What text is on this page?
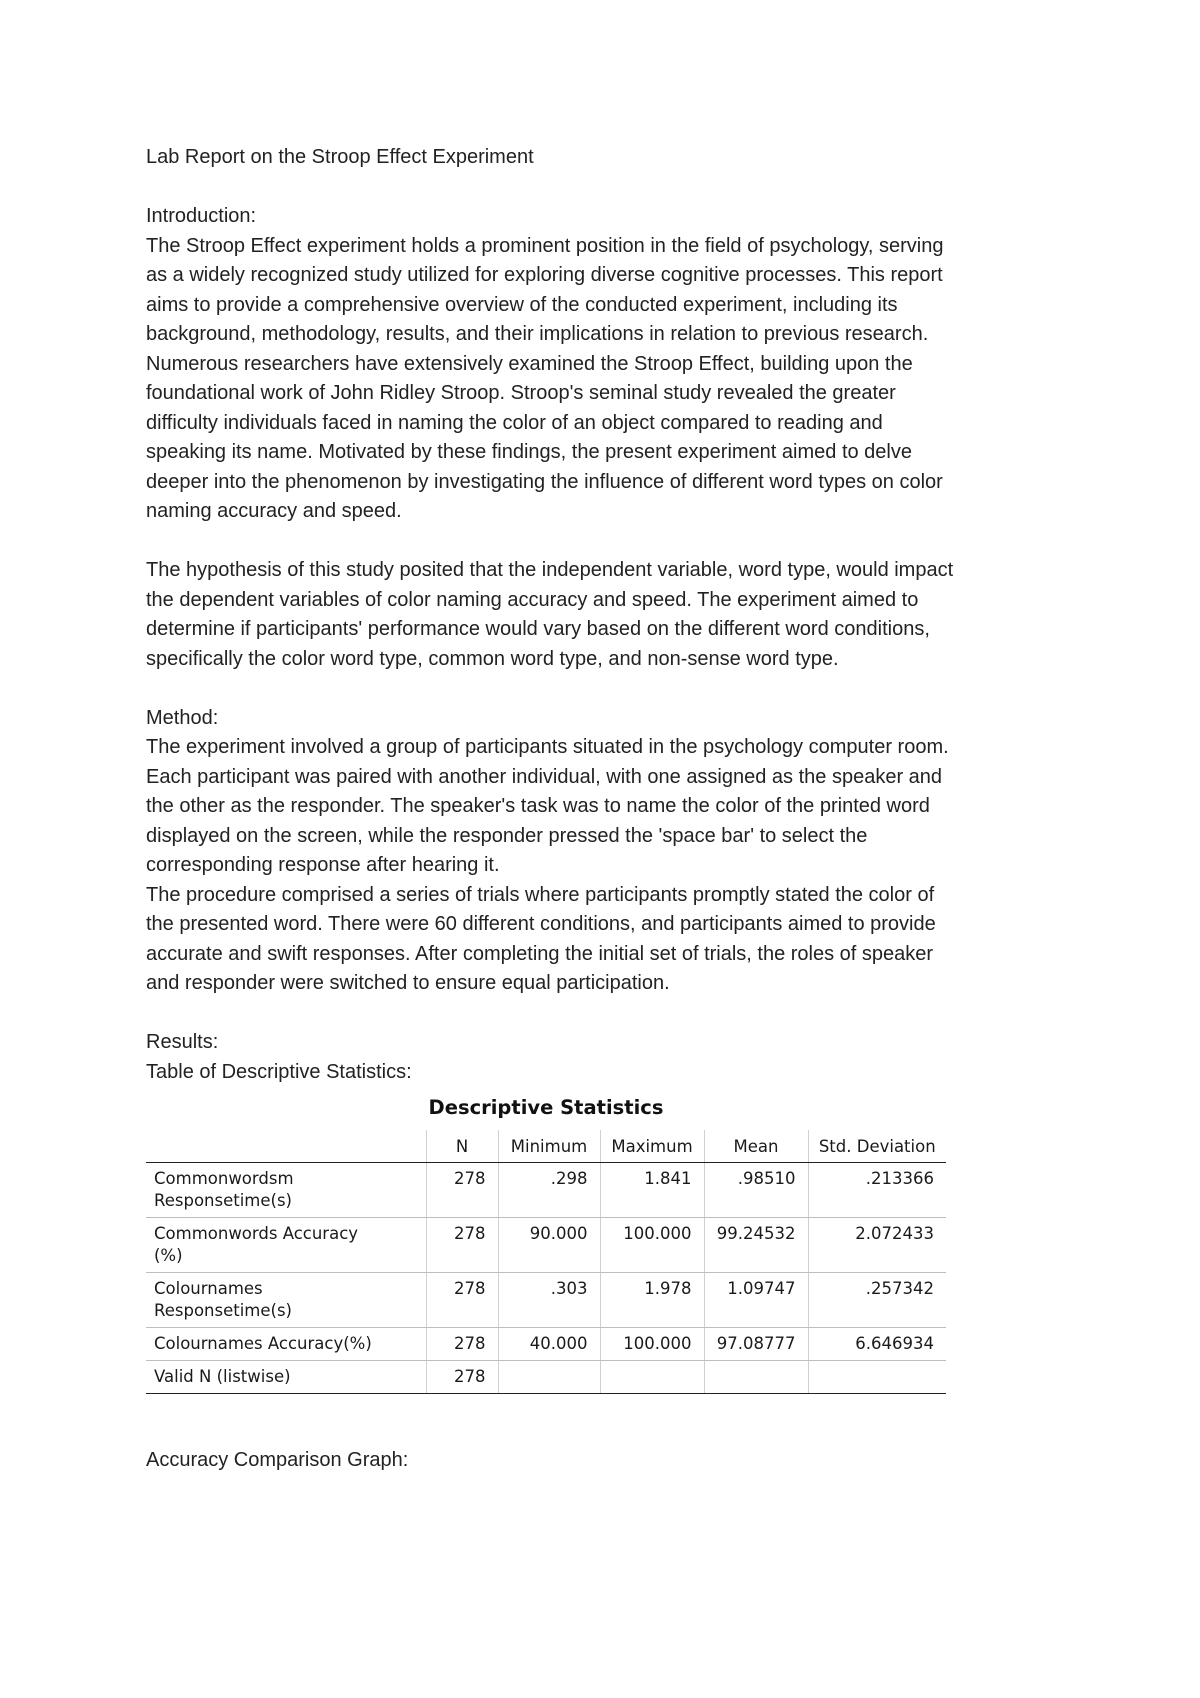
Lab Report on the Stroop Effect Experiment

Introduction:

The Stroop Effect experiment holds a prominent position in the field of psychology, serving

as a widely recognized study utilized for exploring diverse cognitive processes. This report

aims to provide a comprehensive overview of the conducted experiment, including its

background, methodology, results, and their implications in relation to previous research.

Numerous researchers have extensively examined the Stroop Effect, building upon the

foundational work of John Ridley Stroop. Stroop's seminal study revealed the greater

difficulty individuals faced in naming the color of an object compared to reading and

speaking its name. Motivated by these findings, the present experiment aimed to delve

deeper into the phenomenon by investigating the influence of different word types on color

naming accuracy and speed.

The hypothesis of this study posited that the independent variable, word type, would impact

the dependent variables of color naming accuracy and speed. The experiment aimed to

determine if participants' performance would vary based on the different word conditions,

specifically the color word type, common word type, and non-sense word type.

Method:

The experiment involved a group of participants situated in the psychology computer room.

Each participant was paired with another individual, with one assigned as the speaker and

the other as the responder. The speaker's task was to name the color of the printed word

displayed on the screen, while the responder pressed the 'space bar' to select the

corresponding response after hearing it.

The procedure comprised a series of trials where participants promptly stated the color of

the presented word. There were 60 different conditions, and participants aimed to provide

accurate and swift responses. After completing the initial set of trials, the roles of speaker

and responder were switched to ensure equal participation.

Results:

Table of Descriptive Statistics:

Descriptive Statistics
	N	Minimum	Maximum	Mean	Std. Deviation
Commonwordsm
Responsetime(s)	278	.298	1.841	.98510	.213366
Commonwords Accuracy
(%)	278	90.000	100.000	99.24532	2.072433
Colournames
Responsetime(s)	278	.303	1.978	1.09747	.257342
Colournames Accuracy(%)	278	40.000	100.000	97.08777	6.646934
Valid N (listwise)	278				

Accuracy Comparison Graph:
